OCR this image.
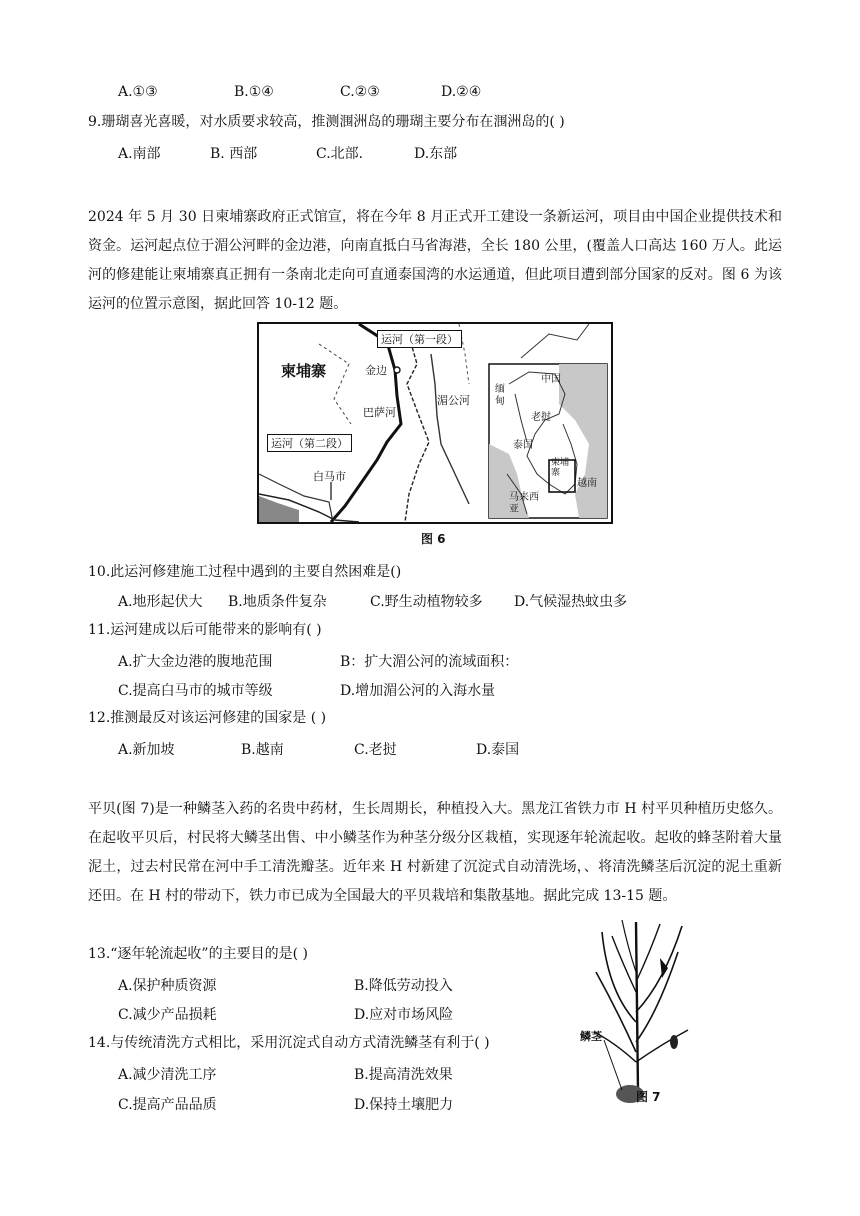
A.①③	B.①④	C.②③	D.②④
9.珊瑚喜光喜暖，对水质要求较高，推测涠洲岛的珊瑚主要分布在涠洲岛的( )
A.南部	B. 西部	C.北部.	D.东部
2024 年 5 月 30 日柬埔寨政府正式馆宣，将在今年 8 月正式开工建设一条新运河，项目由中国企业提供技术和资金。运河起点位于湄公河畔的金边港，向南直抵白马省海港，全长 180 公里，(覆盖人口高达 160 万人。此运河的修建能让柬埔寨真正拥有一条南北走向可直通泰国湾的水运通道，但此项目遭到部分国家的反对。图 6 为该运河的位置示意图，据此回答 10-12 题。
运河（第一段）
柬埔寨	金边
巴萨河
湄公河
运河（第二段）
白马市
中国
缅甸
老挝
泰国
柬埔寨
越南
马来西亚
图 6
10.此运河修建施工过程中遇到的主要自然困难是()
A.地形起伏大 B.地质条件复杂	C.野生动植物较多 D.气候湿热蚊虫多
11.运河建成以后可能带来的影响有( )
A.扩大金边港的腹地范围	B：扩大湄公河的流域面积：
C.提高白马市的城市等级	D.增加湄公河的入海水量
12.推测最反对该运河修建的国家是 ( )
A.新加坡	B.越南	C.老挝	D.泰国
平贝(图 7)是一种鳞茎入药的名贵中药材，生长周期长，种植投入大。黑龙江省铁力市 H 村平贝种植历史悠久。在起收平贝后，村民将大鳞茎出售、中小鳞茎作为种茎分级分区栽植，实现逐年轮流起收。起收的蜂茎附着大量泥土，过去村民常在河中手工清洗瓣茎。近年来 H 村新建了沉淀式自动清洗场，、将清洗鳞茎后沉淀的泥土重新还田。在 H 村的带动下，铁力市已成为全国最大的平贝栽培和集散基地。据此完成 13-15 题。
鳞茎
图 7
13.“逐年轮流起收”的主要目的是( )
A.保护种质资源	B.降低劳动投入
C.减少产品损耗	D.应对市场风险
14.与传统清洗方式相比，采用沉淀式自动方式清洗鳞茎有利于( )
A.减少清洗工序	B.提高清洗效果
C.提高产品品质	D.保持土壤肥力
